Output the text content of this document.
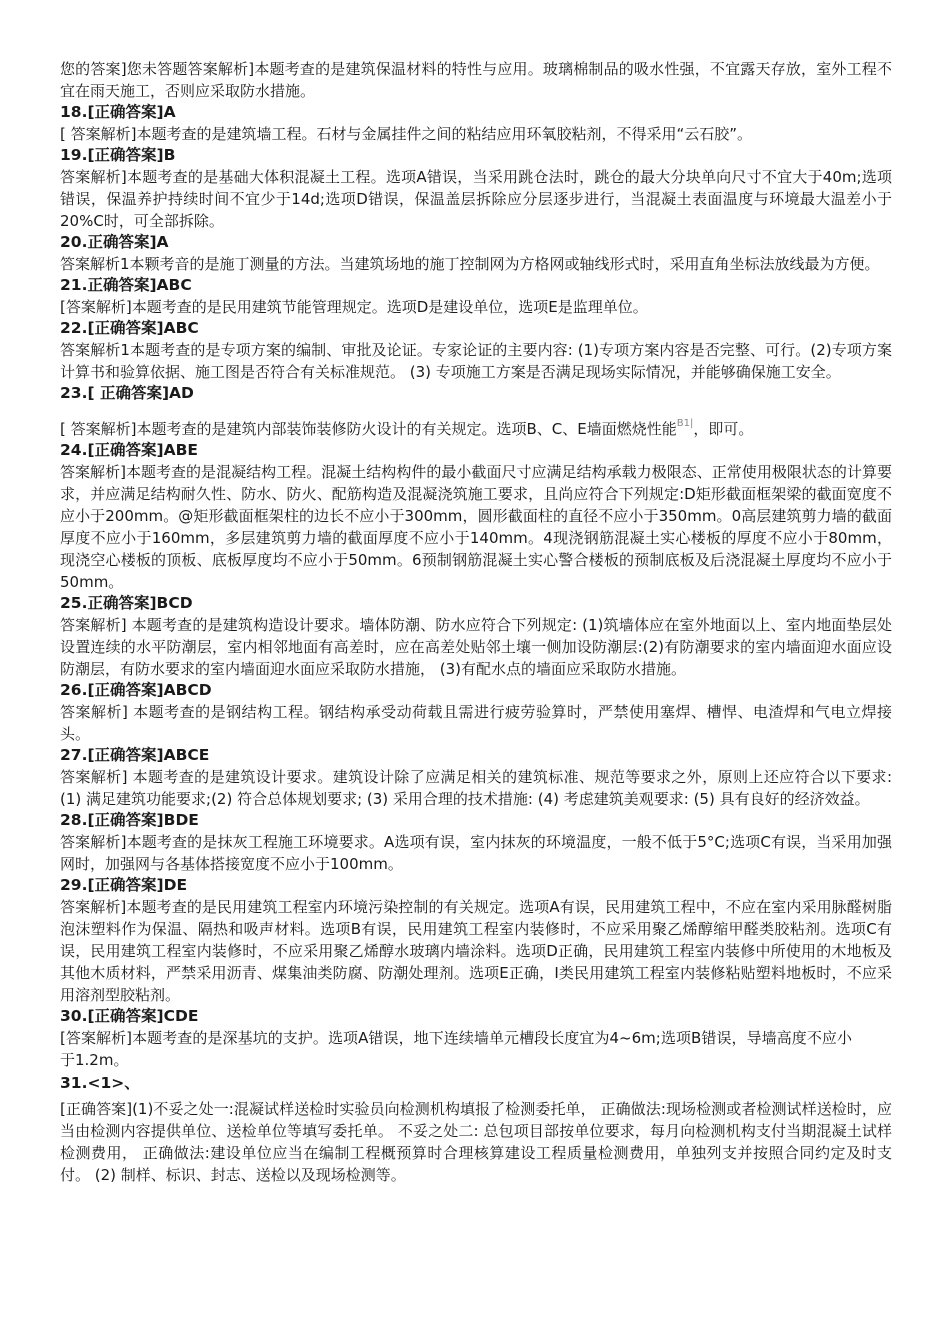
您的答案]您未答题答案解析]本题考查的是建筑保温材料的特性与应用。玻璃棉制品的吸水性强，不宜露天存放，室外工程不宜在雨天施工，否则应采取防水措施。
18.[正确答案]A
[ 答案解析]本题考查的是建筑墙工程。石材与金属挂件之间的粘结应用环氧胶粘剂，不得采用“云石胶”。
19.[正确答案]B
答案解析]本题考查的是基础大体积混凝土工程。选项A错误，当采用跳仓法时，跳仓的最大分块单向尺寸不宜大于40m;选项错误，保温养护持续时间不宜少于14d;选项D错误，保温盖层拆除应分层逐步进行，当混凝土表面温度与环境最大温差小于20%C时，可全部拆除。
20.正确答案]A
答案解析1本颗考音的是施丁测量的方法。当建筑场地的施丁控制网为方格网或轴线形式时，采用直角坐标法放线最为方便。
21.正确答案]ABC
[答案解析]本题考查的是民用建筑节能管理规定。选项D是建设单位，选项E是监理单位。
22.[正确答案]ABC
答案解析1本题考查的是专项方案的编制、审批及论证。专家论证的主要内容: (1)专项方案内容是否完整、可行。(2)专项方案计算书和验算依据、施工图是否符合有关标准规范。 (3) 专项施工方案是否满足现场实际情况，并能够确保施工安全。
23.[ 正确答案]AD
[ 答案解析]本题考查的是建筑内部装饰装修防火设计的有关规定。选项B、C、E墙面燃烧性能$^{B1|}$，即可。
24.[正确答案]ABE
答案解析]本题考查的是混凝结构工程。混凝土结构构件的最小截面尺寸应满足结构承载力极限态、正常使用极限状态的计算要求，并应满足结构耐久性、防水、防火、配筋构造及混凝浇筑施工要求，且尚应符合下列规定:D矩形截面框架梁的截面宽度不应小于200mm。@矩形截面框架柱的边长不应小于300mm，圆形截面柱的直径不应小于350mm。0高层建筑剪力墙的截面厚度不应小于160mm，多层建筑剪力墙的截面厚度不应小于140mm。4现浇钢筋混凝土实心楼板的厚度不应小于80mm，现浇空心楼板的顶板、底板厚度均不应小于50mm。6预制钢筋混凝土实心警合楼板的预制底板及后浇混凝土厚度均不应小于50mm。
25.正确答案]BCD
答案解析] 本题考查的是建筑构造设计要求。墙体防潮、防水应符合下列规定: (1)筑墙体应在室外地面以上、室内地面垫层处设置连续的水平防潮层，室内相邻地面有高差时，应在高差处贴邻土壤一侧加设防潮层:(2)有防潮要求的室内墙面迎水面应设防潮层，有防水要求的室内墙面迎水面应采取防水措施， (3)有配水点的墙面应采取防水措施。
26.[正确答案]ABCD
答案解析] 本题考查的是钢结构工程。钢结构承受动荷载且需进行疲劳验算时，严禁使用塞焊、槽悍、电渣焊和气电立焊接头。
27.[正确答案]ABCE
答案解析] 本题考查的是建筑设计要求。建筑设计除了应满足相关的建筑标准、规范等要求之外，原则上还应符合以下要求: (1) 满足建筑功能要求;(2) 符合总体规划要求; (3) 采用合理的技术措施: (4) 考虑建筑美观要求: (5) 具有良好的经济效益。
28.[正确答案]BDE
答案解析]本题考查的是抹灰工程施工环境要求。A选项有误，室内抹灰的环境温度，一般不低于5°C;选项C有误，当采用加强网时，加强网与各基体搭接宽度不应小于100mm。
29.[正确答案]DE
答案解析]本题考查的是民用建筑工程室内环境污染控制的有关规定。选项A有误，民用建筑工程中，不应在室内采用脉醛树脂泡沫塑料作为保温、隔热和吸声材料。选项B有误，民用建筑工程室内装修时，不应采用聚乙烯醇缩甲醛类胶粘剂。选项C有误，民用建筑工程室内装修时，不应采用聚乙烯醇水玻璃内墙涂料。选项D正确，民用建筑工程室内装修中所使用的木地板及其他木质材料，严禁采用沥青、煤集油类防腐、防潮处理剂。选项E正确，I类民用建筑工程室内装修粘贴塑料地板时，不应采用溶剂型胶粘剂。
30.[正确答案]CDE
[答案解析]本题考查的是深基坑的支护。选项A错误，地下连续墙单元槽段长度宜为4~6m;选项B错误，导墙高度不应小于1.2m。
31.<1>、
[正确答案](1)不妥之处一:混凝试样送检时实验员向检测机构填报了检测委托单， 正确做法:现场检测或者检测试样送检时，应当由检测内容提供单位、送检单位等填写委托单。 不妥之处二: 总包项目部按单位要求，每月向检测机构支付当期混凝土试样检测费用， 正确做法:建设单位应当在编制工程概预算时合理核算建设工程质量检测费用，单独列支并按照合同约定及时支付。 (2) 制样、标识、封志、送检以及现场检测等。
